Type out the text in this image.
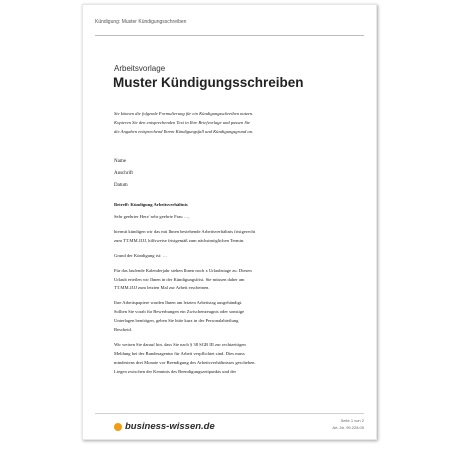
Kündigung: Muster Kündigungsschreiben
Arbeitsvorlage
Muster Kündigungsschreiben
Sie können die folgende Formulierung für ein Kündigungsschreiben nutzen.
Kopieren Sie den entsprechenden Text in Ihre Briefvorlage und passen Sie
die Angaben entsprechend Ihrem Kündigungsfall und Kündigungsgrund an.
Name
Anschrift
Datum
Betreff: Kündigung Arbeitsverhältnis
Sehr geehrter Herr/ sehr geehrte Frau …,
hiermit kündigen wir das mit Ihnen bestehende Arbeitsverhältnis fristgerecht
zum TT.MM.JJJJ, hilfsweise fristgemäß zum nächstmöglichen Termin.
Grund der Kündigung ist: …
Für das laufende Kalenderjahr stehen Ihnen noch x Urlaubstage zu. Diesen
Urlaub erteilen wir Ihnen in der Kündigungsfrist. Sie müssen daher am
TT.MM.JJJJ zum letzten Mal zur Arbeit erscheinen.
Ihre Arbeitspapiere warden Ihnen am letzten Arbeitstag ausgehändigt.
Sollten Sie vorab für Bewerbungen ein Zwischenzeugnis oder sonstige
Unterlagen benötigen, geben Sie bitte kurz in der Personalabteilung
Bescheid.
Wir weisen Sie darauf hin, dass Sie nach § 38 SGB III zur rechtzeitigen
Meldung bei der Bundesagentur für Arbeit verpflichtet sind. Dies muss
mindestens drei Monate vor Beendigung des Arbeitsverhältnisses geschehen.
Liegen zwischen der Kenntnis des Beendigungszeitpunkts und der
business-wissen.de
Seite 1 von 2
Art.-Nr. 99.228.09
